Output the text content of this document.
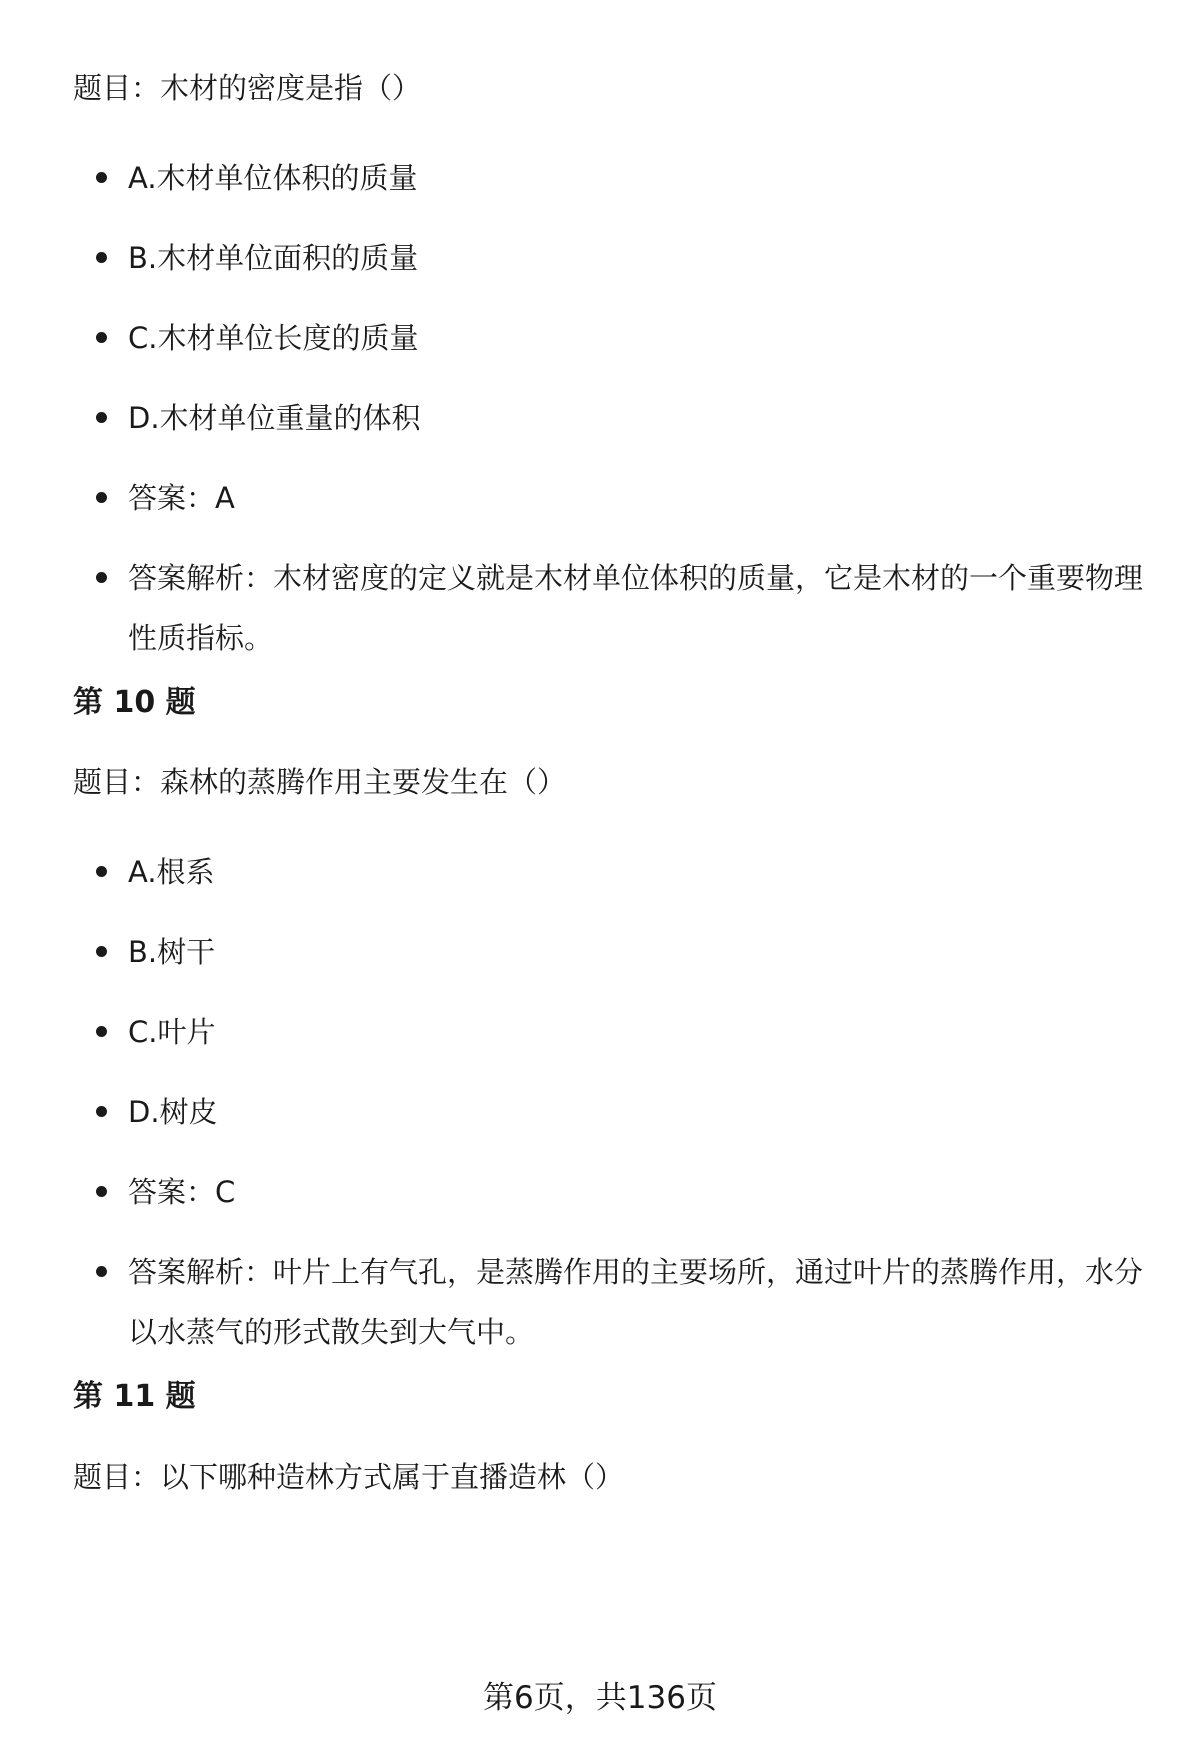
题目：木材的密度是指（）
A.木材单位体积的质量
B.木材单位面积的质量
C.木材单位长度的质量
D.木材单位重量的体积
答案：A
答案解析：木材密度的定义就是木材单位体积的质量，它是木材的一个重要物理性质指标。
第 10 题
题目：森林的蒸腾作用主要发生在（）
A.根系
B.树干
C.叶片
D.树皮
答案：C
答案解析：叶片上有气孔，是蒸腾作用的主要场所，通过叶片的蒸腾作用，水分以水蒸气的形式散失到大气中。
第 11 题
题目：以下哪种造林方式属于直播造林（）
第6页，共136页
